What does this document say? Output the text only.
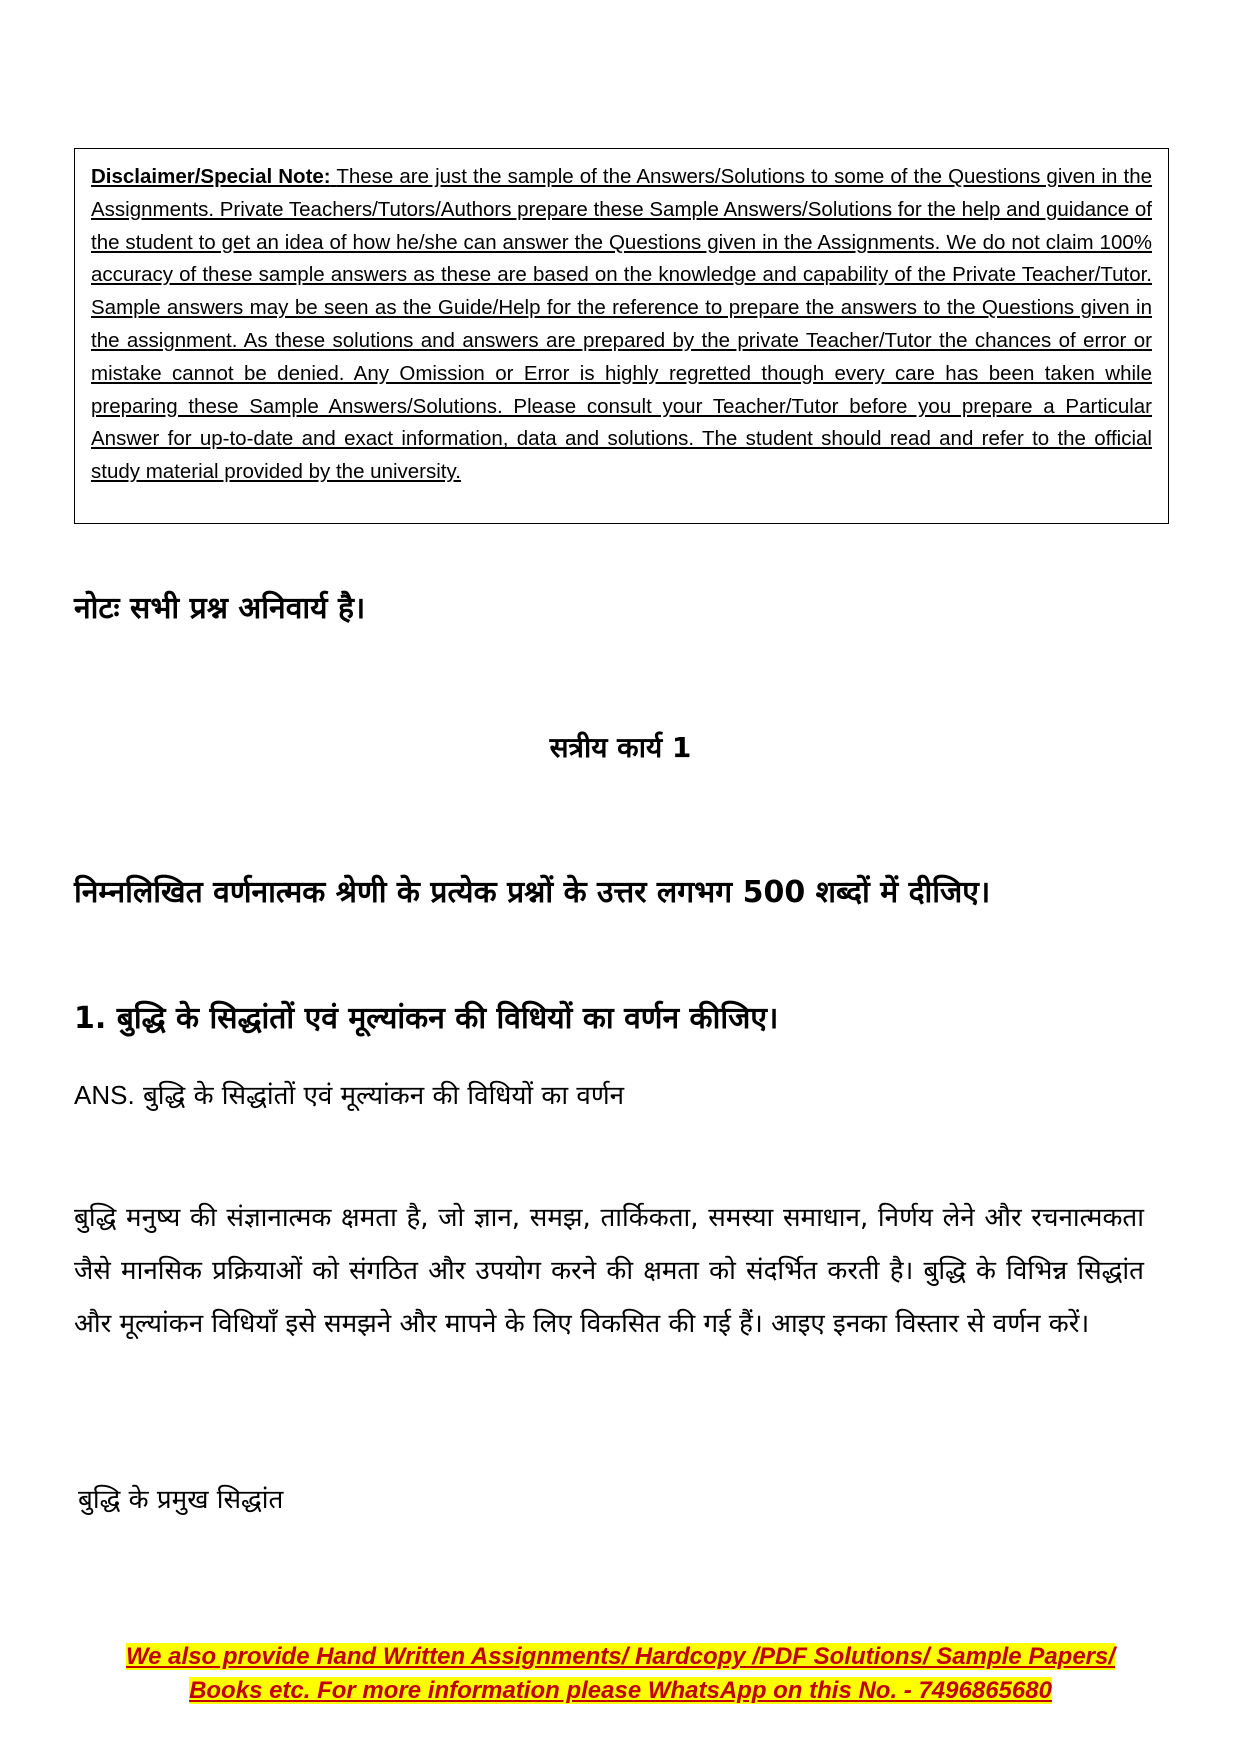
Disclaimer/Special Note: These are just the sample of the Answers/Solutions to some of the Questions given in the Assignments. Private Teachers/Tutors/Authors prepare these Sample Answers/Solutions for the help and guidance of the student to get an idea of how he/she can answer the Questions given in the Assignments. We do not claim 100% accuracy of these sample answers as these are based on the knowledge and capability of the Private Teacher/Tutor. Sample answers may be seen as the Guide/Help for the reference to prepare the answers to the Questions given in the assignment. As these solutions and answers are prepared by the private Teacher/Tutor the chances of error or mistake cannot be denied. Any Omission or Error is highly regretted though every care has been taken while preparing these Sample Answers/Solutions. Please consult your Teacher/Tutor before you prepare a Particular Answer for up-to-date and exact information, data and solutions. The student should read and refer to the official study material provided by the university.

नोटः सभी प्रश्न अनिवार्य है।

सत्रीय कार्य 1

निम्नलिखित वर्णनात्मक श्रेणी के प्रत्येक प्रश्नों के उत्तर लगभग 500 शब्दों में दीजिए।

1. बुद्धि के सिद्धांतों एवं मूल्यांकन की विधियों का वर्णन कीजिए।

ANS. बुद्धि के सिद्धांतों एवं मूल्यांकन की विधियों का वर्णन

बुद्धि मनुष्य की संज्ञानात्मक क्षमता है, जो ज्ञान, समझ, तार्किकता, समस्या समाधान, निर्णय लेने और रचनात्मकता जैसे मानसिक प्रक्रियाओं को संगठित और उपयोग करने की क्षमता को संदर्भित करती है। बुद्धि के विभिन्न सिद्धांत और मूल्यांकन विधियाँ इसे समझने और मापने के लिए विकसित की गई हैं। आइए इनका विस्तार से वर्णन करें।

बुद्धि के प्रमुख सिद्धांत

We also provide Hand Written Assignments/ Hardcopy /PDF Solutions/ Sample Papers/
Books etc. For more information please WhatsApp on this No. - 7496865680
